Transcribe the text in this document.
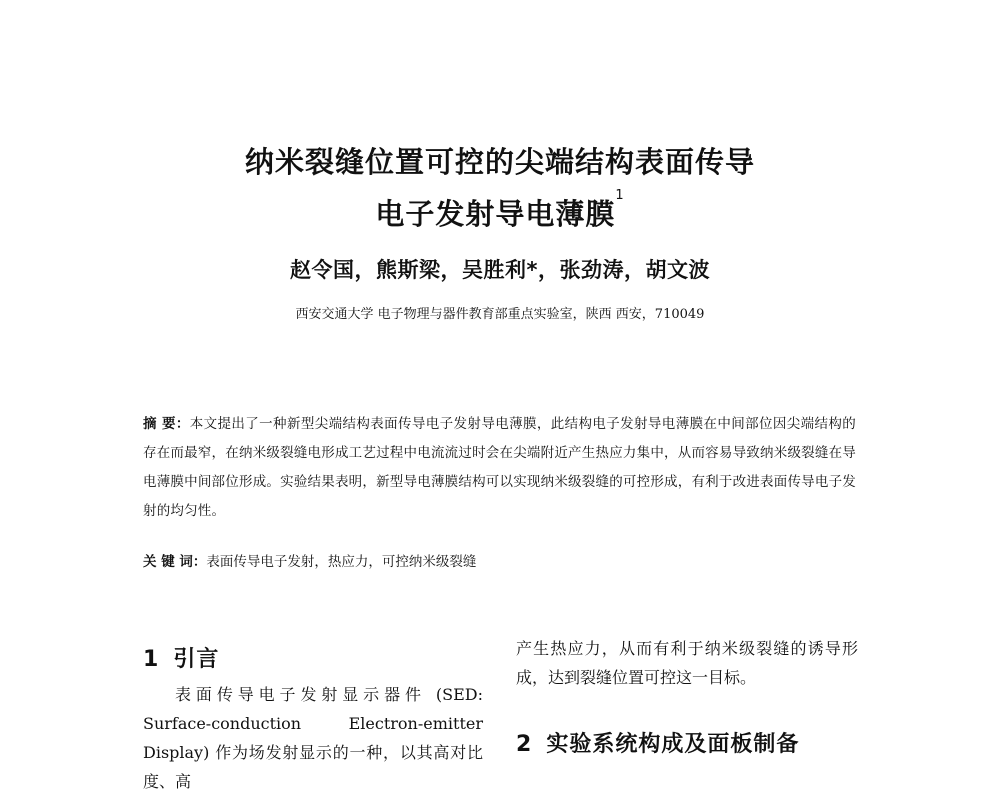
纳米裂缝位置可控的尖端结构表面传导
电子发射导电薄膜$^1$
赵令国，熊斯梁，吴胜利*，张劲涛，胡文波
西安交通大学 电子物理与器件教育部重点实验室，陕西 西安，710049
摘 要：本文提出了一种新型尖端结构表面传导电子发射导电薄膜，此结构电子发射导电薄膜在中间部位因尖端结构的存在而最窄，在纳米级裂缝电形成工艺过程中电流流过时会在尖端附近产生热应力集中，从而容易导致纳米级裂缝在导电薄膜中间部位形成。实验结果表明，新型导电薄膜结构可以实现纳米级裂缝的可控形成，有利于改进表面传导电子发射的均匀性。
关 键 词：表面传导电子发射，热应力，可控纳米级裂缝
1 引言

表面传导电子发射显示器件 (SED: Surface-conduction Electron-emitter Display) 作为场发射显示的一种，以其高对比度、高

产生热应力，从而有利于纳米级裂缝的诱导形成，达到裂缝位置可控这一目标。

2 实验系统构成及面板制备
